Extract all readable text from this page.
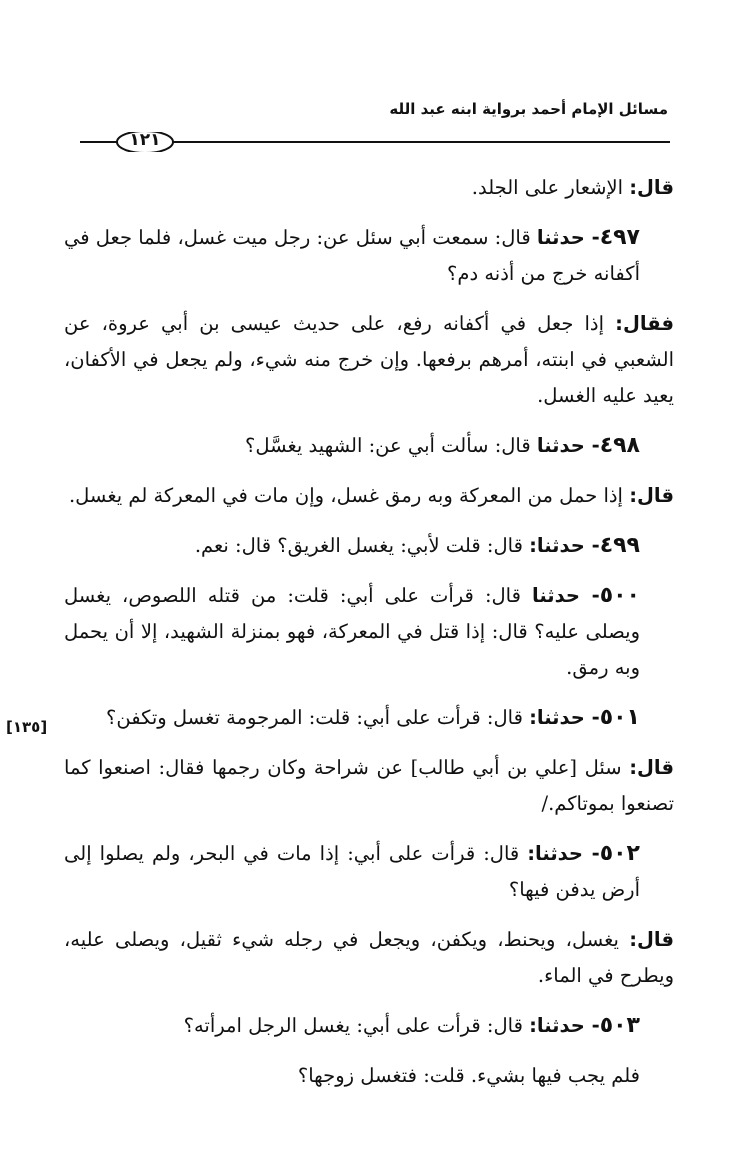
مسائل الإمام أحمد برواية ابنه عبد الله
١٢١
[١٣٥]

قال: الإشعار على الجلد.

٤٩٧- حدثنا قال: سمعت أبي سئل عن: رجل ميت غسل، فلما جعل في أكفانه خرج من أذنه دم؟

فقال: إذا جعل في أكفانه رفع، على حديث عيسى بن أبي عروة، عن الشعبي في ابنته، أمرهم برفعها. وإن خرج منه شيء، ولم يجعل في الأكفان، يعيد عليه الغسل.

٤٩٨- حدثنا قال: سألت أبي عن: الشهيد يغسَّل؟

قال: إذا حمل من المعركة وبه رمق غسل، وإن مات في المعركة لم يغسل.

٤٩٩- حدثنا: قال: قلت لأبي: يغسل الغريق؟ قال: نعم.

٥٠٠- حدثنا قال: قرأت على أبي: قلت: من قتله اللصوص، يغسل ويصلى عليه؟ قال: إذا قتل في المعركة، فهو بمنزلة الشهيد، إلا أن يحمل وبه رمق.

٥٠١- حدثنا: قال: قرأت على أبي: قلت: المرجومة تغسل وتكفن؟

قال: سئل [علي بن أبي طالب] عن شراحة وكان رجمها فقال: اصنعوا كما تصنعوا بموتاكم./

٥٠٢- حدثنا: قال: قرأت على أبي: إذا مات في البحر، ولم يصلوا إلى أرض يدفن فيها؟

قال: يغسل، ويحنط، ويكفن، ويجعل في رجله شيء ثقيل، ويصلى عليه، ويطرح في الماء.

٥٠٣- حدثنا: قال: قرأت على أبي: يغسل الرجل امرأته؟

فلم يجب فيها بشيء. قلت: فتغسل زوجها؟
